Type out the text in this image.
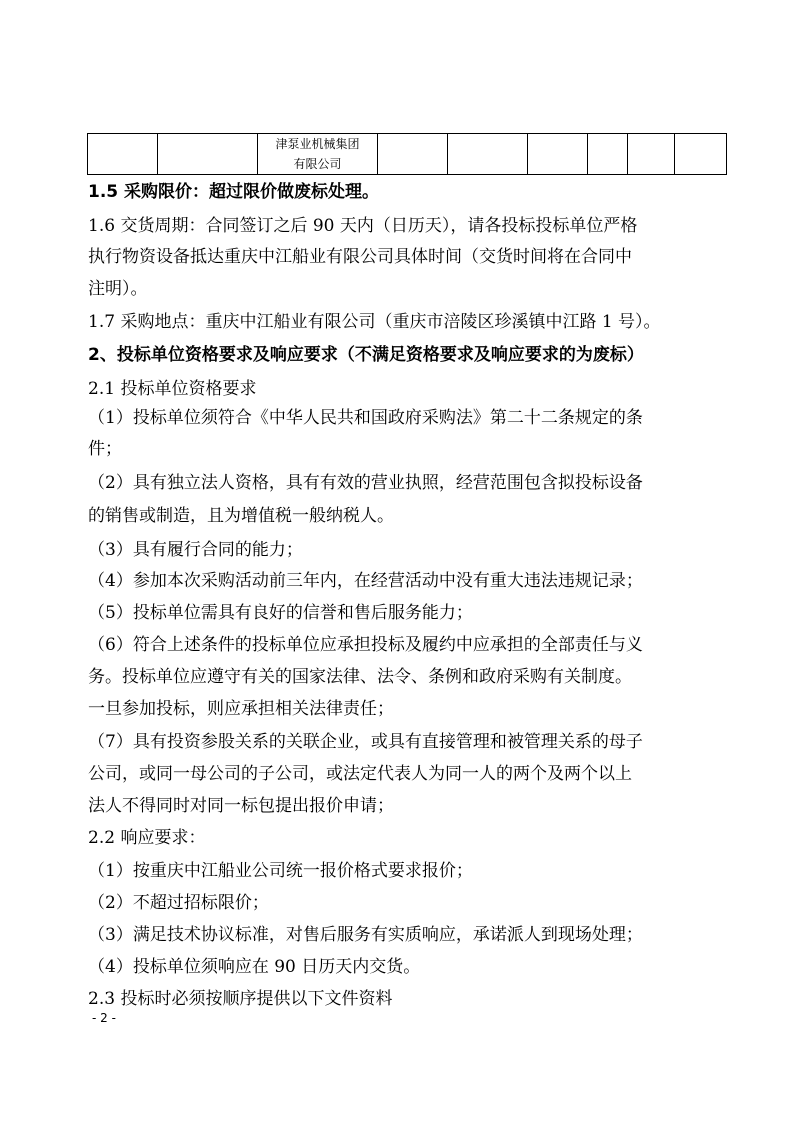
津泵业机械集团
有限公司

1.5 采购限价：超过限价做废标处理。
1.6 交货周期：合同签订之后 90 天内（日历天），请各投标投标单位严格
执行物资设备抵达重庆中江船业有限公司具体时间（交货时间将在合同中
注明）。
1.7 采购地点：重庆中江船业有限公司（重庆市涪陵区珍溪镇中江路 1 号）。
2、投标单位资格要求及响应要求（不满足资格要求及响应要求的为废标）
2.1 投标单位资格要求
（1）投标单位须符合《中华人民共和国政府采购法》第二十二条规定的条
件；
（2）具有独立法人资格，具有有效的营业执照，经营范围包含拟投标设备
的销售或制造，且为增值税一般纳税人。
（3）具有履行合同的能力；
（4）参加本次采购活动前三年内，在经营活动中没有重大违法违规记录；
（5）投标单位需具有良好的信誉和售后服务能力；
（6）符合上述条件的投标单位应承担投标及履约中应承担的全部责任与义
务。投标单位应遵守有关的国家法律、法令、条例和政府采购有关制度。
一旦参加投标，则应承担相关法律责任；
（7）具有投资参股关系的关联企业，或具有直接管理和被管理关系的母子
公司，或同一母公司的子公司，或法定代表人为同一人的两个及两个以上
法人不得同时对同一标包提出报价申请；
2.2 响应要求：
（1）按重庆中江船业公司统一报价格式要求报价；
（2）不超过招标限价；
（3）满足技术协议标准，对售后服务有实质响应，承诺派人到现场处理；
（4）投标单位须响应在 90 日历天内交货。
2.3 投标时必须按顺序提供以下文件资料
- 2 -
